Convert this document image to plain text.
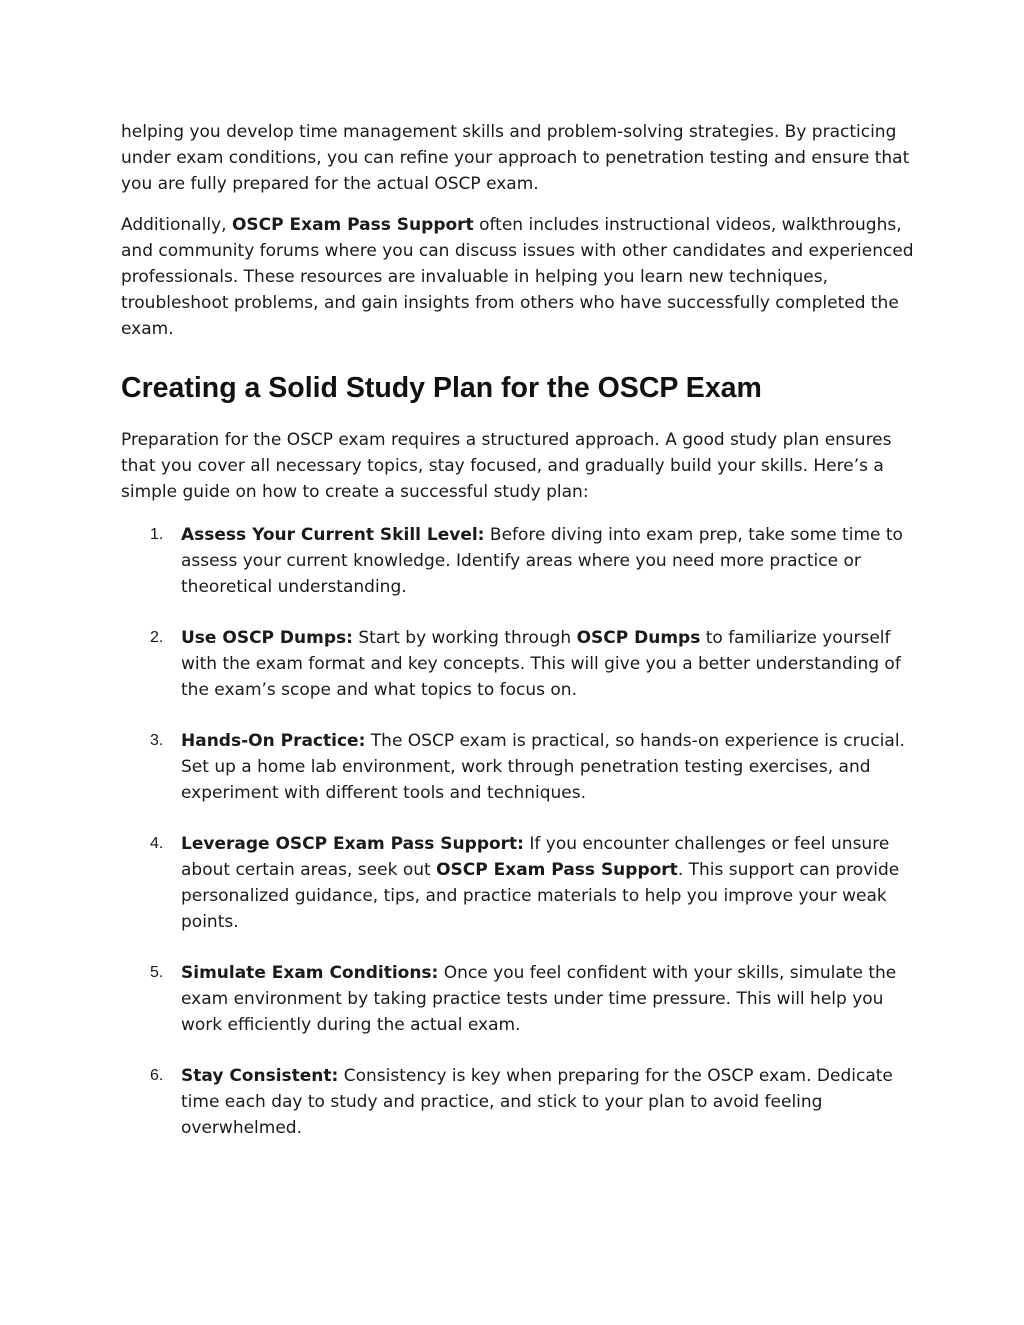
helping you develop time management skills and problem-solving strategies. By practicing under exam conditions, you can refine your approach to penetration testing and ensure that you are fully prepared for the actual OSCP exam.

Additionally, OSCP Exam Pass Support often includes instructional videos, walkthroughs, and community forums where you can discuss issues with other candidates and experienced professionals. These resources are invaluable in helping you learn new techniques, troubleshoot problems, and gain insights from others who have successfully completed the exam.

Creating a Solid Study Plan for the OSCP Exam

Preparation for the OSCP exam requires a structured approach. A good study plan ensures that you cover all necessary topics, stay focused, and gradually build your skills. Here’s a simple guide on how to create a successful study plan:

1. Assess Your Current Skill Level: Before diving into exam prep, take some time to assess your current knowledge. Identify areas where you need more practice or theoretical understanding.
2. Use OSCP Dumps: Start by working through OSCP Dumps to familiarize yourself with the exam format and key concepts. This will give you a better understanding of the exam’s scope and what topics to focus on.
3. Hands-On Practice: The OSCP exam is practical, so hands-on experience is crucial. Set up a home lab environment, work through penetration testing exercises, and experiment with different tools and techniques.
4. Leverage OSCP Exam Pass Support: If you encounter challenges or feel unsure about certain areas, seek out OSCP Exam Pass Support. This support can provide personalized guidance, tips, and practice materials to help you improve your weak points.
5. Simulate Exam Conditions: Once you feel confident with your skills, simulate the exam environment by taking practice tests under time pressure. This will help you work efficiently during the actual exam.
6. Stay Consistent: Consistency is key when preparing for the OSCP exam. Dedicate time each day to study and practice, and stick to your plan to avoid feeling overwhelmed.
